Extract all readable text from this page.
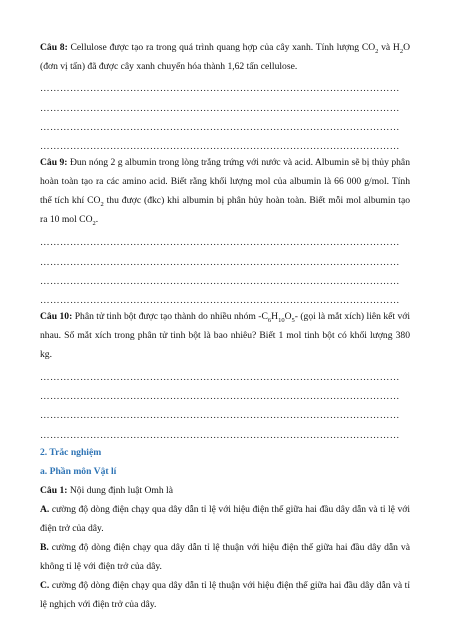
Câu 8: Cellulose được tạo ra trong quá trình quang hợp của cây xanh. Tính lượng $CO_2$ và $H_2O$ (đơn vị tấn) đã được cây xanh chuyển hóa thành 1,62 tấn cellulose.
………………………………………………………………………………………………
………………………………………………………………………………………………
………………………………………………………………………………………………
………………………………………………………………………………………………
Câu 9: Đun nóng 2 g albumin trong lòng trắng trứng với nước và acid. Albumin sẽ bị thủy phân hoàn toàn tạo ra các amino acid. Biết rằng khối lượng mol của albumin là 66 000 g/mol. Tính thể tích khí $CO_2$ thu được (đkc) khi albumin bị phân hủy hoàn toàn. Biết mỗi mol albumin tạo ra 10 mol $CO_2$.
………………………………………………………………………………………………
………………………………………………………………………………………………
………………………………………………………………………………………………
………………………………………………………………………………………………
Câu 10: Phân tử tinh bột được tạo thành do nhiều nhóm $-C_6H_{10}O_5-$ (gọi là mắt xích) liên kết với nhau. Số mắt xích trong phân tử tinh bột là bao nhiêu? Biết 1 mol tinh bột có khối lượng 380 kg.
………………………………………………………………………………………………
………………………………………………………………………………………………
………………………………………………………………………………………………
………………………………………………………………………………………………
2. Trắc nghiệm
a. Phần môn Vật lí
Câu 1: Nội dung định luật Omh là
A. cường độ dòng điện chạy qua dây dẫn tỉ lệ với hiệu điện thế giữa hai đầu dây dẫn và tỉ lệ với điện trở của dây.
B. cường độ dòng điện chạy qua dây dẫn tỉ lệ thuận với hiệu điện thế giữa hai đầu dây dẫn và không tỉ lệ với điện trở của dây.
C. cường độ dòng điện chạy qua dây dẫn tỉ lệ thuận với hiệu điện thế giữa hai đầu dây dẫn và tỉ lệ nghịch với điện trở của dây.
